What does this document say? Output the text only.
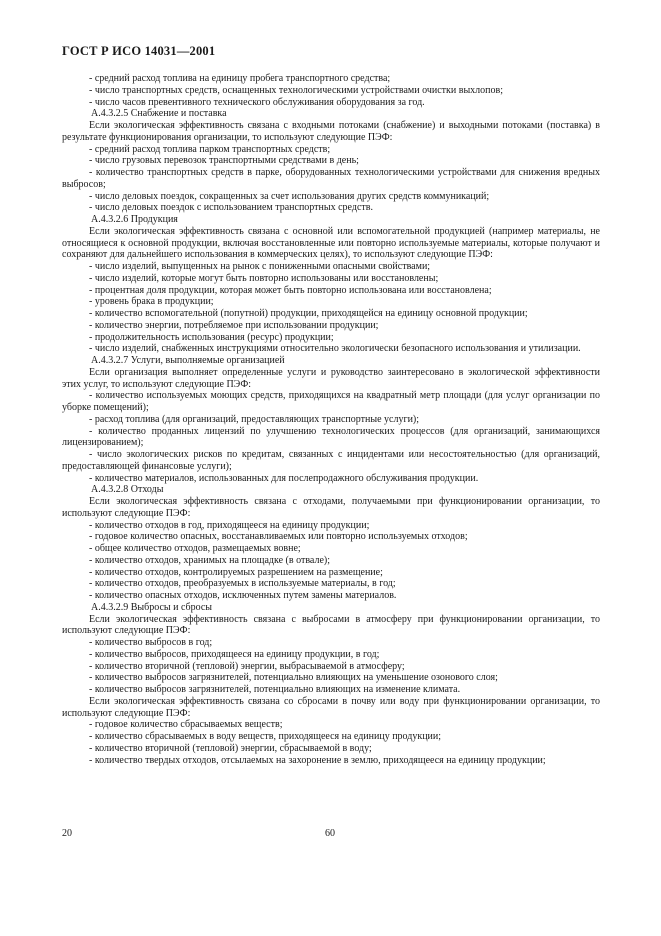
ГОСТ Р ИСО 14031—2001

- средний расход топлива на единицу пробега транспортного средства;

- число транспортных средств, оснащенных технологическими устройствами очистки выхлопов;

- число часов превентивного технического обслуживания оборудования за год.

А.4.3.2.5 Снабжение и поставка

Если экологическая эффективность связана с входными потоками (снабжение) и выходными потоками (поставка) в результате функционирования организации, то используют следующие ПЭФ:

- средний расход топлива парком транспортных средств;

- число грузовых перевозок транспортными средствами в день;

- количество транспортных средств в парке, оборудованных технологическими устройствами для снижения вредных выбросов;

- число деловых поездок, сокращенных за счет использования других средств коммуникаций;

- число деловых поездок с использованием транспортных средств.

А.4.3.2.6 Продукция

Если экологическая эффективность связана с основной или вспомогательной продукцией (например материалы, не относящиеся к основной продукции, включая восстановленные или повторно используемые материалы, которые получают и сохраняют для дальнейшего использования в коммерческих целях), то используют следующие ПЭФ:

- число изделий, выпущенных на рынок с пониженными опасными свойствами;

- число изделий, которые могут быть повторно использованы или восстановлены;

- процентная доля продукции, которая может быть повторно использована или восстановлена;

- уровень брака в продукции;

- количество вспомогательной (попутной) продукции, приходящейся на единицу основной продукции;

- количество энергии, потребляемое при использовании продукции;

- продолжительность использования (ресурс) продукции;

- число изделий, снабженных инструкциями относительно экологически безопасного использования и утилизации.

А.4.3.2.7 Услуги, выполняемые организацией

Если организация выполняет определенные услуги и руководство заинтересовано в экологической эффективности этих услуг, то используют следующие ПЭФ:

- количество используемых моющих средств, приходящихся на квадратный метр площади (для услуг организации по уборке помещений);

- расход топлива (для организаций, предоставляющих транспортные услуги);

- количество проданных лицензий по улучшению технологических процессов (для организаций, занимающихся лицензированием);

- число экологических рисков по кредитам, связанных с инцидентами или несостоятельностью (для организаций, предоставляющей финансовые услуги);

- количество материалов, использованных для послепродажного обслуживания продукции.

А.4.3.2.8 Отходы

Если экологическая эффективность связана с отходами, получаемыми при функционировании организации, то используют следующие ПЭФ:

- количество отходов в год, приходящееся на единицу продукции;

- годовое количество опасных, восстанавливаемых или повторно используемых отходов;

- общее количество отходов, размещаемых вовне;

- количество отходов, хранимых на площадке (в отвале);

- количество отходов, контролируемых разрешением на размещение;

- количество отходов, преобразуемых в используемые материалы, в год;

- количество опасных отходов, исключенных путем замены материалов.

А.4.3.2.9 Выбросы и сбросы

Если экологическая эффективность связана с выбросами в атмосферу при функционировании организации, то используют следующие ПЭФ:

- количество выбросов в год;

- количество выбросов, приходящееся на единицу продукции, в год;

- количество вторичной (тепловой) энергии, выбрасываемой в атмосферу;

- количество выбросов загрязнителей, потенциально влияющих на уменьшение озонового слоя;

- количество выбросов загрязнителей, потенциально влияющих на изменение климата.

Если экологическая эффективность связана со сбросами в почву или воду при функционировании организации, то используют следующие ПЭФ:

- годовое количество сбрасываемых веществ;

- количество сбрасываемых в воду веществ, приходящееся на единицу продукции;

- количество вторичной (тепловой) энергии, сбрасываемой в воду;

- количество твердых отходов, отсылаемых на захоронение в землю, приходящееся на единицу продукции;

20	60
